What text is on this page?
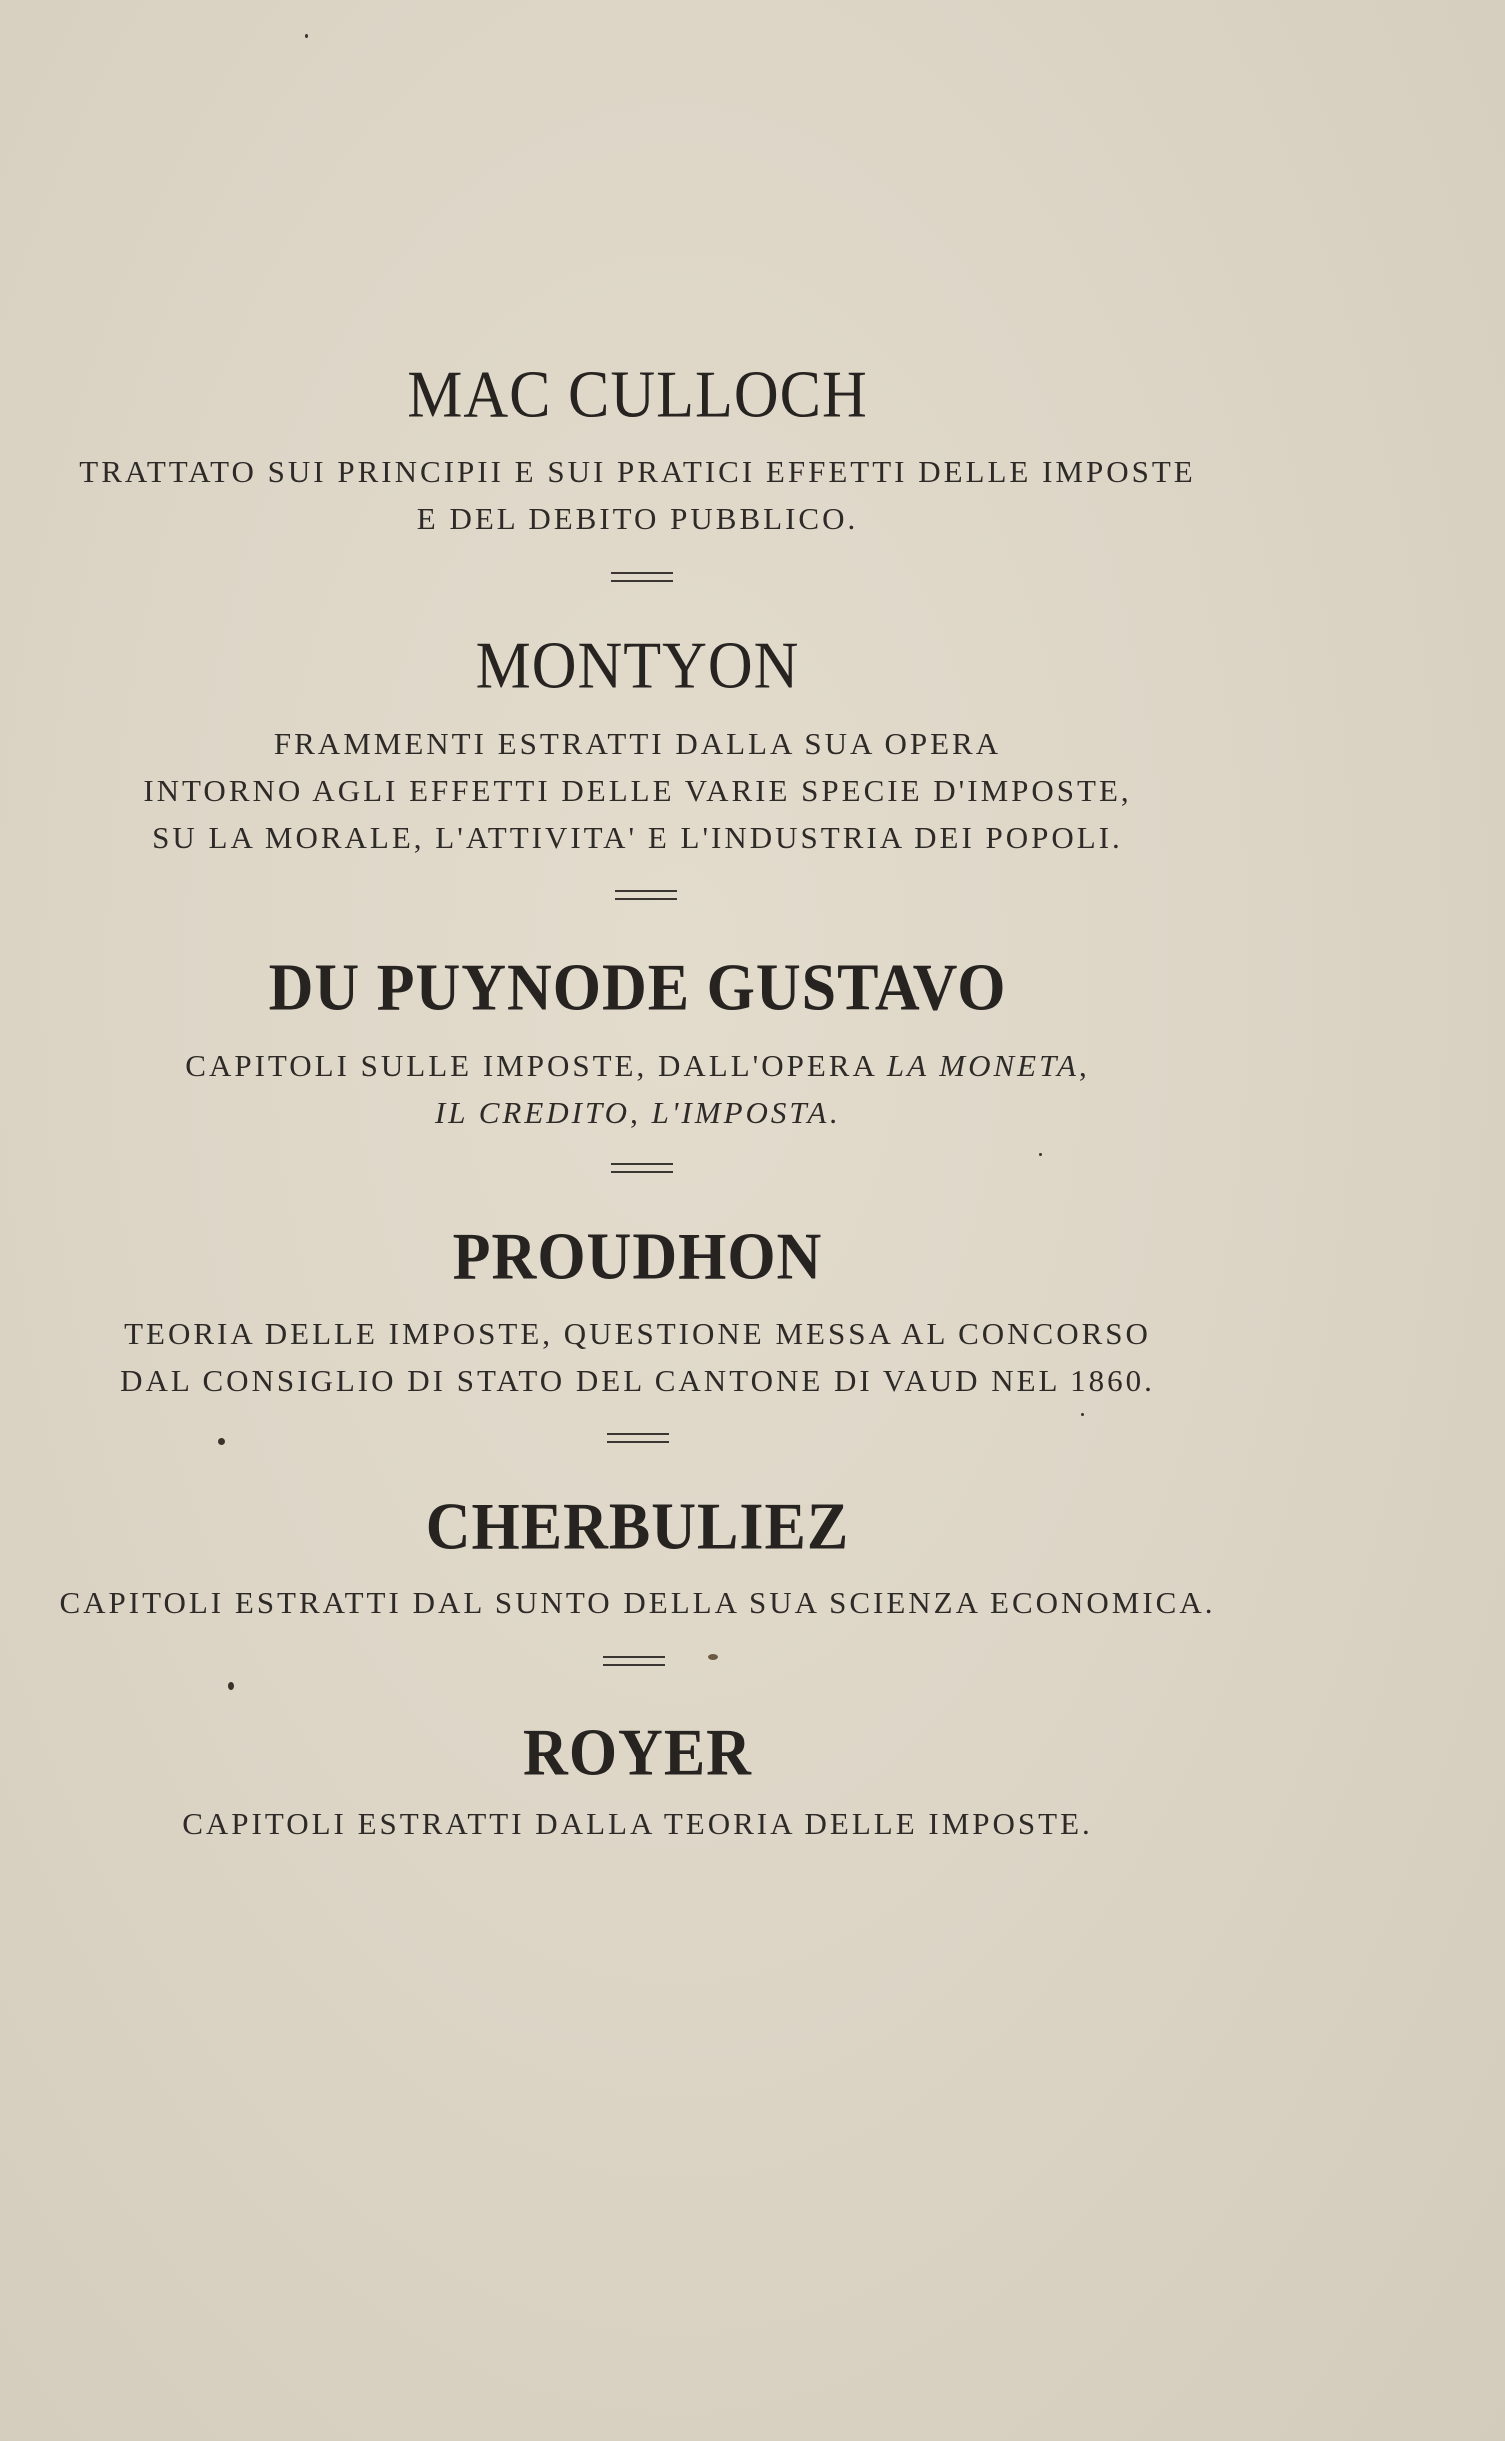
MAC CULLOCH

TRATTATO SUI PRINCIPII E SUI PRATICI EFFETTI DELLE IMPOSTE

E DEL DEBITO PUBBLICO.

MONTYON

FRAMMENTI ESTRATTI DALLA SUA OPERA

INTORNO AGLI EFFETTI DELLE VARIE SPECIE D'IMPOSTE,

SU LA MORALE, L'ATTIVITA' E L'INDUSTRIA DEI POPOLI.

DU PUYNODE GUSTAVO

CAPITOLI SULLE IMPOSTE, DALL'OPERA LA MONETA,

IL CREDITO, L'IMPOSTA.

PROUDHON

TEORIA DELLE IMPOSTE, QUESTIONE MESSA AL CONCORSO

DAL CONSIGLIO DI STATO DEL CANTONE DI VAUD NEL 1860.

CHERBULIEZ

CAPITOLI ESTRATTI DAL SUNTO DELLA SUA SCIENZA ECONOMICA.

ROYER

CAPITOLI ESTRATTI DALLA TEORIA DELLE IMPOSTE.
